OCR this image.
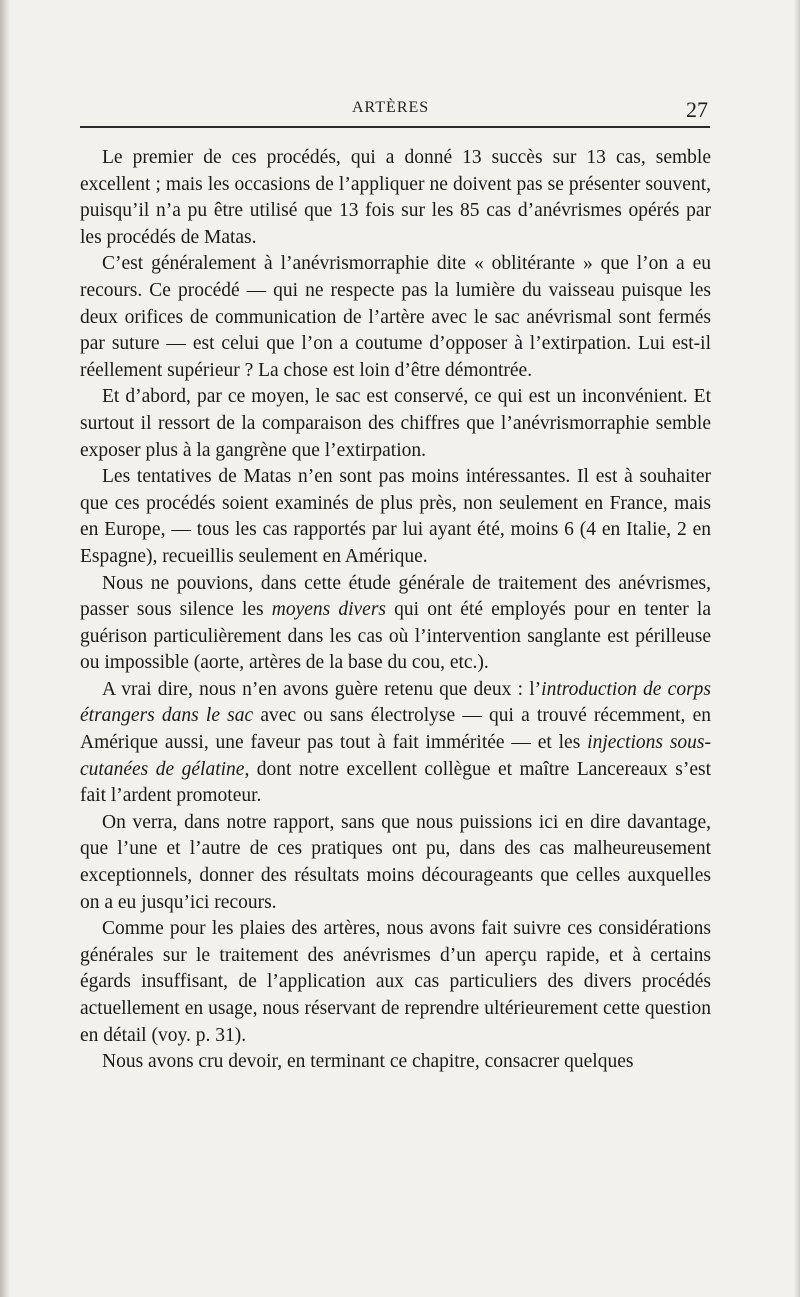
ARTÈRES	27

Le premier de ces procédés, qui a donné 13 succès sur 13 cas, semble excellent ; mais les occasions de l’appliquer ne doivent pas se présenter souvent, puisqu’il n’a pu être utilisé que 13 fois sur les 85 cas d’anévrismes opérés par les procédés de Matas.

C’est généralement à l’anévrismorraphie dite « oblitérante » que l’on a eu recours. Ce procédé — qui ne respecte pas la lumière du vaisseau puisque les deux orifices de communication de l’artère avec le sac anévrismal sont fermés par suture — est celui que l’on a coutume d’opposer à l’extirpation. Lui est-il réellement supérieur ? La chose est loin d’être démontrée.

Et d’abord, par ce moyen, le sac est conservé, ce qui est un inconvénient. Et surtout il ressort de la comparaison des chiffres que l’anévrismorraphie semble exposer plus à la gangrène que l’extirpation.

Les tentatives de Matas n’en sont pas moins intéressantes. Il est à souhaiter que ces procédés soient examinés de plus près, non seulement en France, mais en Europe, — tous les cas rapportés par lui ayant été, moins 6 (4 en Italie, 2 en Espagne), recueillis seulement en Amérique.

Nous ne pouvions, dans cette étude générale de traitement des anévrismes, passer sous silence les moyens divers qui ont été employés pour en tenter la guérison particulièrement dans les cas où l’intervention sanglante est périlleuse ou impossible (aorte, artères de la base du cou, etc.).

A vrai dire, nous n’en avons guère retenu que deux : l’introduction de corps étrangers dans le sac avec ou sans électrolyse — qui a trouvé récemment, en Amérique aussi, une faveur pas tout à fait imméritée — et les injections sous-cutanées de gélatine, dont notre excellent collègue et maître Lancereaux s’est fait l’ardent promoteur.

On verra, dans notre rapport, sans que nous puissions ici en dire davantage, que l’une et l’autre de ces pratiques ont pu, dans des cas malheureusement exceptionnels, donner des résultats moins décourageants que celles auxquelles on a eu jusqu’ici recours.

Comme pour les plaies des artères, nous avons fait suivre ces considérations générales sur le traitement des anévrismes d’un aperçu rapide, et à certains égards insuffisant, de l’application aux cas particuliers des divers procédés actuellement en usage, nous réservant de reprendre ultérieurement cette question en détail (voy. p. 31).

Nous avons cru devoir, en terminant ce chapitre, consacrer quelques
